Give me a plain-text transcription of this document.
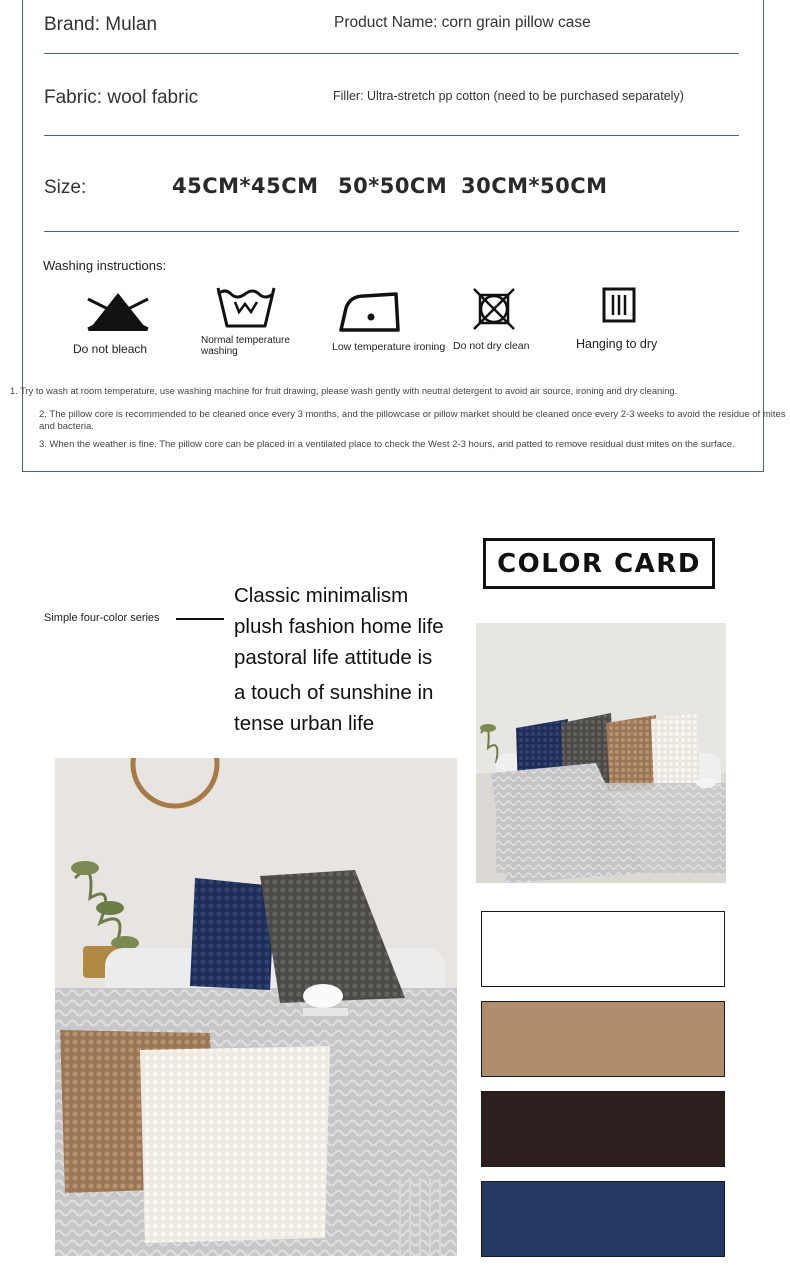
Brand: Mulan	Product Name: corn grain pillow case
Fabric: wool fabric	Filler: Ultra-stretch pp cotton (need to be purchased separately)
Size:	45CM*45CM 50*50CM 30CM*50CM
Washing instructions:
Do not bleach
Normal temperature
washing	Low temperature ironing Do not dry clean	Hanging to dry
1. Try to wash at room temperature, use washing machine for fruit drawing, please wash gently with neutral detergent to avoid air source, ironing and dry cleaning.
2. The pillow core is recommended to be cleaned once every 3 months, and the pillowcase or pillow market should be cleaned once every 2-3 weeks to avoid the residue of mites and bacteria.
3. When the weather is fine. The pillow core can be placed in a ventilated place to check the West 2-3 hours, and patted to remove residual dust mites on the surface.
Simple four-color series
Classic minimalism
plush fashion home life
pastoral life attitude is
a touch of sunshine in
tense urban life
COLOR CARD
